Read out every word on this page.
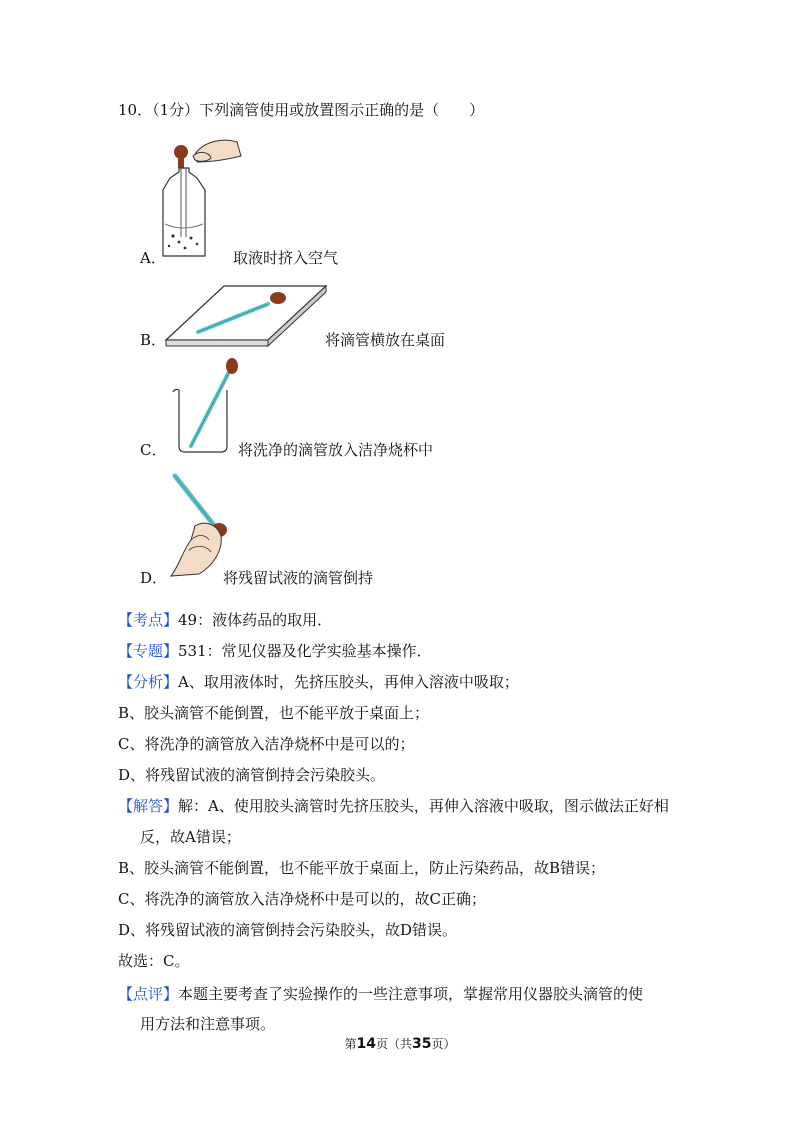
10．（1分）下列滴管使用或放置图示正确的是（　　）
A．	取液时挤入空气
B．	将滴管横放在桌面
C．	将洗净的滴管放入洁净烧杯中
D．	将残留试液的滴管倒持
【考点】49：液体药品的取用．
【专题】531：常见仪器及化学实验基本操作．
【分析】A、取用液体时，先挤压胶头，再伸入溶液中吸取；
B、胶头滴管不能倒置，也不能平放于桌面上；
C、将洗净的滴管放入洁净烧杯中是可以的；
D、将残留试液的滴管倒持会污染胶头。
【解答】解：A、使用胶头滴管时先挤压胶头，再伸入溶液中吸取，图示做法正好相
反，故A错误；
B、胶头滴管不能倒置，也不能平放于桌面上，防止污染药品，故B错误；
C、将洗净的滴管放入洁净烧杯中是可以的，故C正确；
D、将残留试液的滴管倒持会污染胶头，故D错误。
故选：C。
【点评】本题主要考查了实验操作的一些注意事项，掌握常用仪器胶头滴管的使
用方法和注意事项。
第14页（共35页）
